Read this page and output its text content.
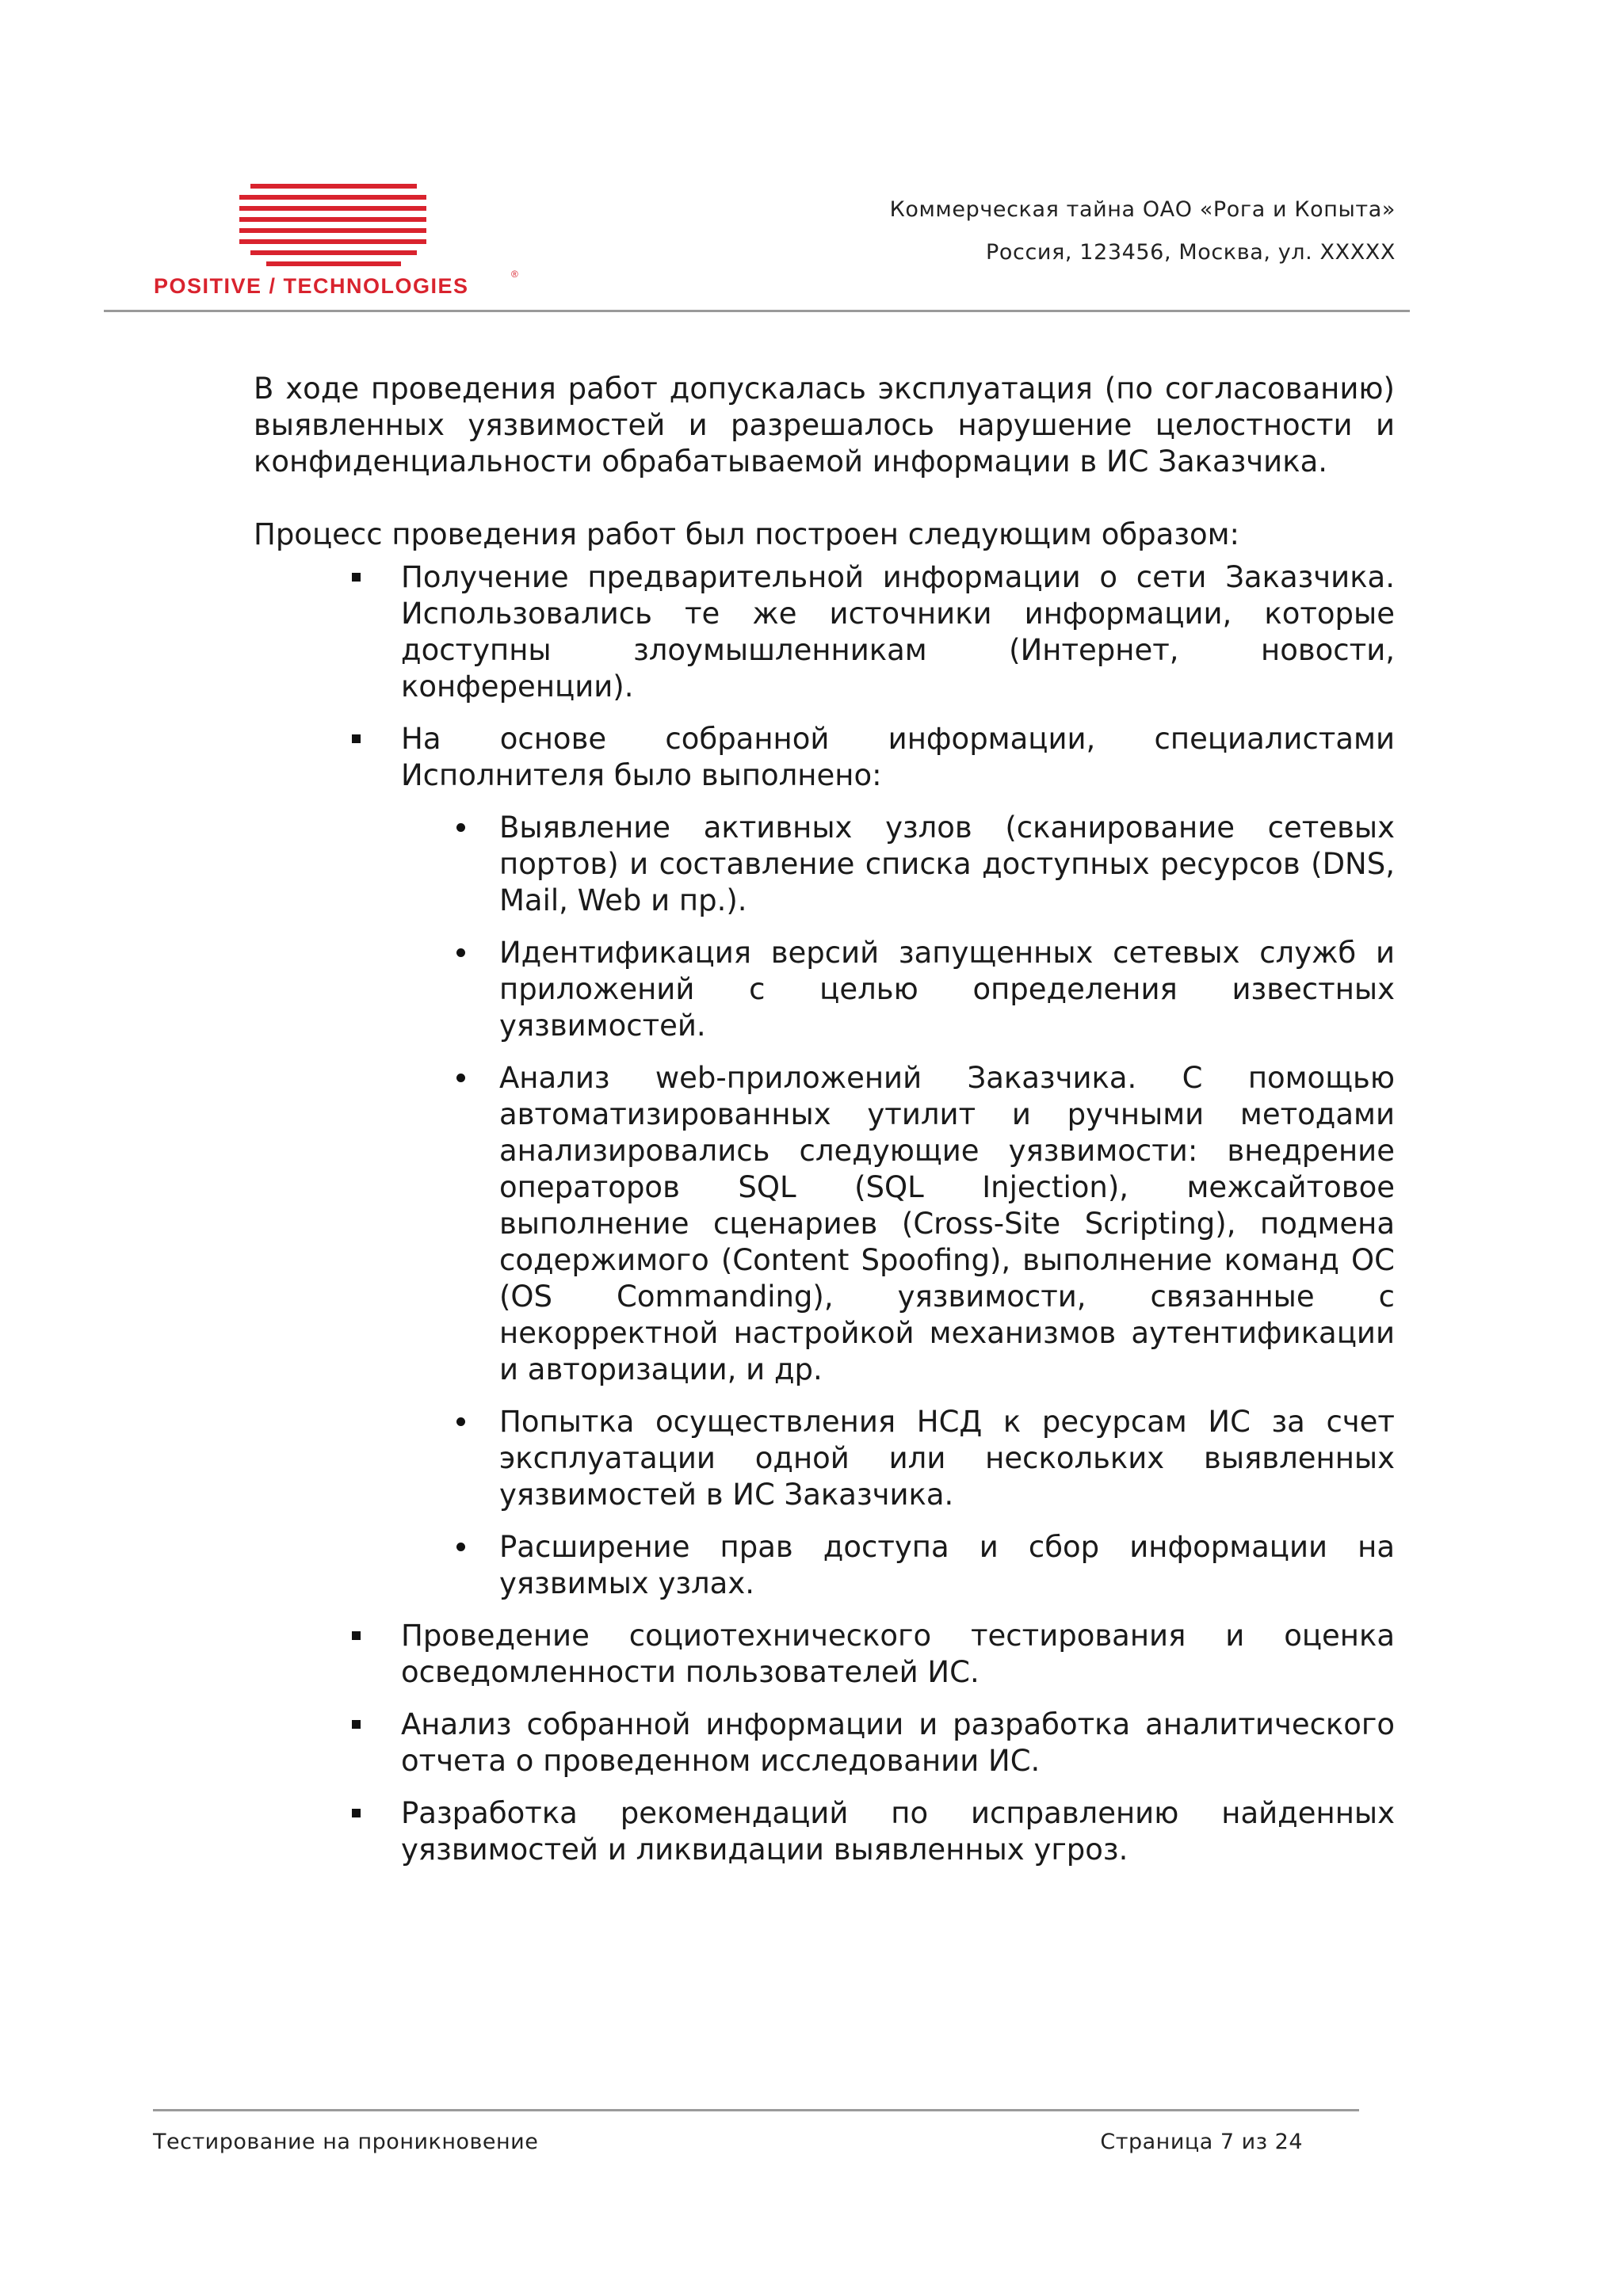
POSITIVE / TECHNOLOGIES	®
Коммерческая тайна ОАО «Рога и Копыта»
Россия, 123456, Москва, ул. XXXXX

В ходе проведения работ допускалась эксплуатация (по согласованию) выявленных уязвимостей и разрешалось нарушение целостности и конфиденциальности обрабатываемой информации в ИС Заказчика.

Процесс проведения работ был построен следующим образом:

Получение предварительной информации о сети Заказчика. Использовались те же источники информации, которые доступны злоумышленникам (Интернет, новости, конференции).
На основе собранной информации, специалистами Исполнителя было выполнено:
Выявление активных узлов (сканирование сетевых портов) и составление списка доступных ресурсов (DNS, Mail, Web и пр.).
Идентификация версий запущенных сетевых служб и приложений с целью определения известных уязвимостей.
Анализ web-приложений Заказчика. С помощью автоматизированных утилит и ручными методами анализировались следующие уязвимости: внедрение операторов SQL (SQL Injection), межсайтовое выполнение сценариев (Cross-Site Scripting), подмена содержимого (Content Spoofing), выполнение команд ОС (OS Commanding), уязвимости, связанные с некорректной настройкой механизмов аутентификации и авторизации, и др.
Попытка осуществления НСД к ресурсам ИС за счет эксплуатации одной или нескольких выявленных уязвимостей в ИС Заказчика.
Расширение прав доступа и сбор информации на уязвимых узлах.
Проведение социотехнического тестирования и оценка осведомленности пользователей ИС.
Анализ собранной информации и разработка аналитического отчета о проведенном исследовании ИС.
Разработка рекомендаций по исправлению найденных уязвимостей и ликвидации выявленных угроз.
Тестирование на проникновение	Страница 7 из 24
